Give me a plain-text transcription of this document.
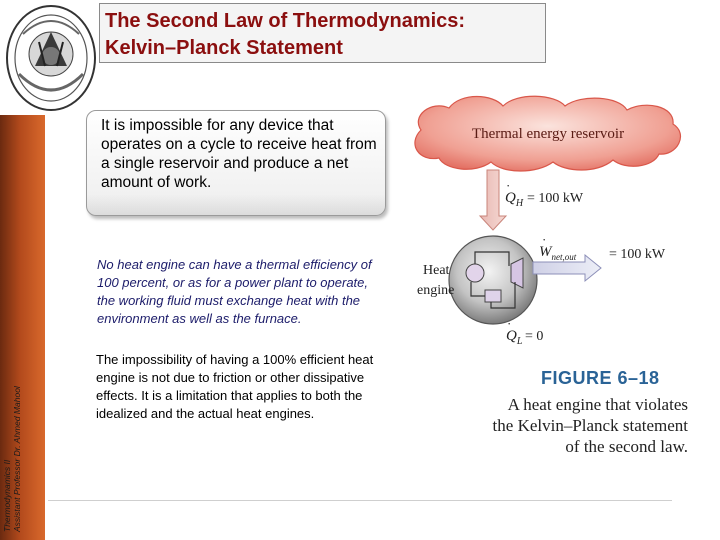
The Second Law of Thermodynamics:
Kelvin–Planck Statement
Thermodynamics II Assistant Professor Dr. Ahmed Mahool
It is impossible for any device that operates on a cycle to receive heat from a single reservoir and produce a net amount of work.
No heat engine can have a thermal efficiency of 100 percent, or as for a power plant to operate, the working fluid must exchange heat with the environment as well as the furnace.
The impossibility of having a 100% efficient heat engine is not due to friction or other dissipative effects. It is a limitation that applies to both the idealized and the actual heat engines.
Thermal energy reservoir
$Q_H$
·
= 100 kW
Heat
engine
$W_{net,out}$
·
= 100 kW
$Q_L$
·
= 0
FIGURE 6–18
A heat engine that violates
the Kelvin–Planck statement
of the second law.
